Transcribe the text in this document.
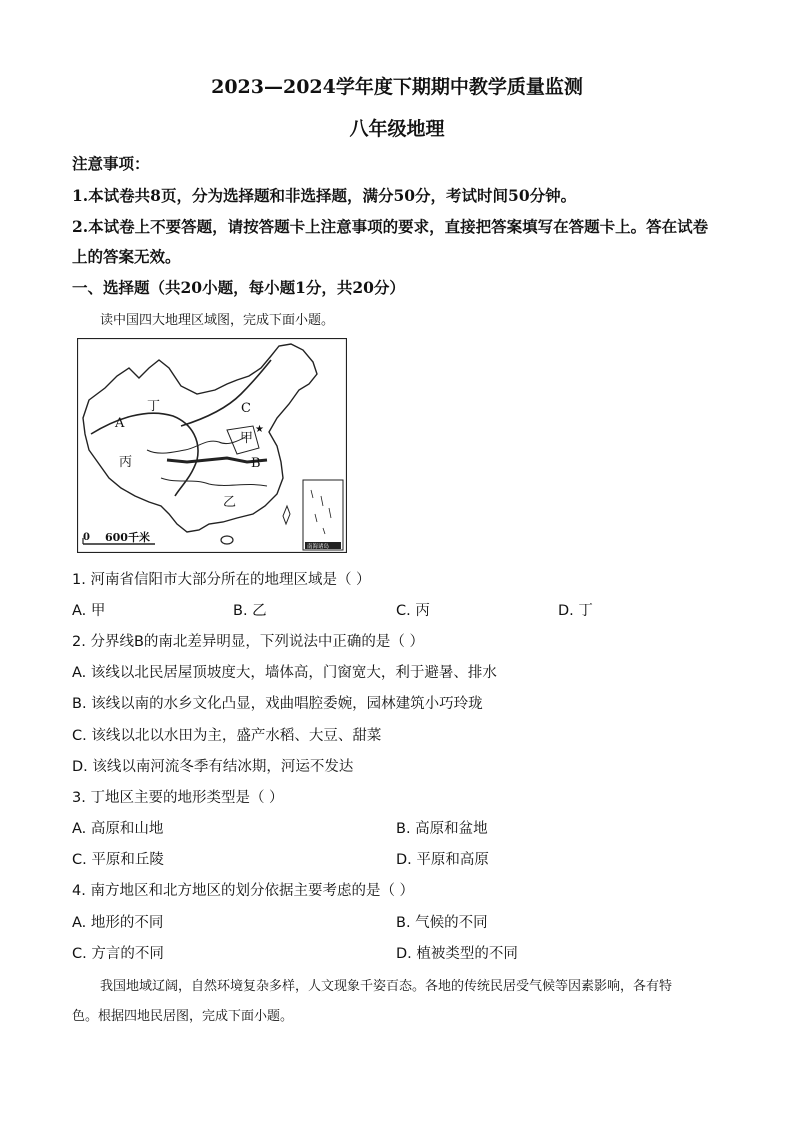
2023—2024学年度下期期中教学质量监测
八年级地理
注意事项：
1.本试卷共8页，分为选择题和非选择题，满分50分，考试时间50分钟。
2.本试卷上不要答题，请按答题卡上注意事项的要求，直接把答案填写在答题卡上。答在试卷
上的答案无效。
一、选择题（共20小题，每小题1分，共20分）
读中国四大地理区域图，完成下面小题。
★
丁
A
C
甲
B
丙
乙
0 600千米
南海诸岛
1. 河南省信阳市大部分所在的地理区域是（ ）
A. 甲	B. 乙	C. 丙	D. 丁
2. 分界线B的南北差异明显，下列说法中正确的是（ ）
A. 该线以北民居屋顶坡度大，墙体高，门窗宽大，利于避暑、排水
B. 该线以南的水乡文化凸显，戏曲唱腔委婉，园林建筑小巧玲珑
C. 该线以北以水田为主，盛产水稻、大豆、甜菜
D. 该线以南河流冬季有结冰期，河运不发达
3. 丁地区主要的地形类型是（ ）
A. 高原和山地	B. 高原和盆地
C. 平原和丘陵	D. 平原和高原
4. 南方地区和北方地区的划分依据主要考虑的是（ ）
A. 地形的不同	B. 气候的不同
C. 方言的不同	D. 植被类型的不同
我国地域辽阔，自然环境复杂多样，人文现象千姿百态。各地的传统民居受气候等因素影响，各有特
色。根据四地民居图，完成下面小题。
